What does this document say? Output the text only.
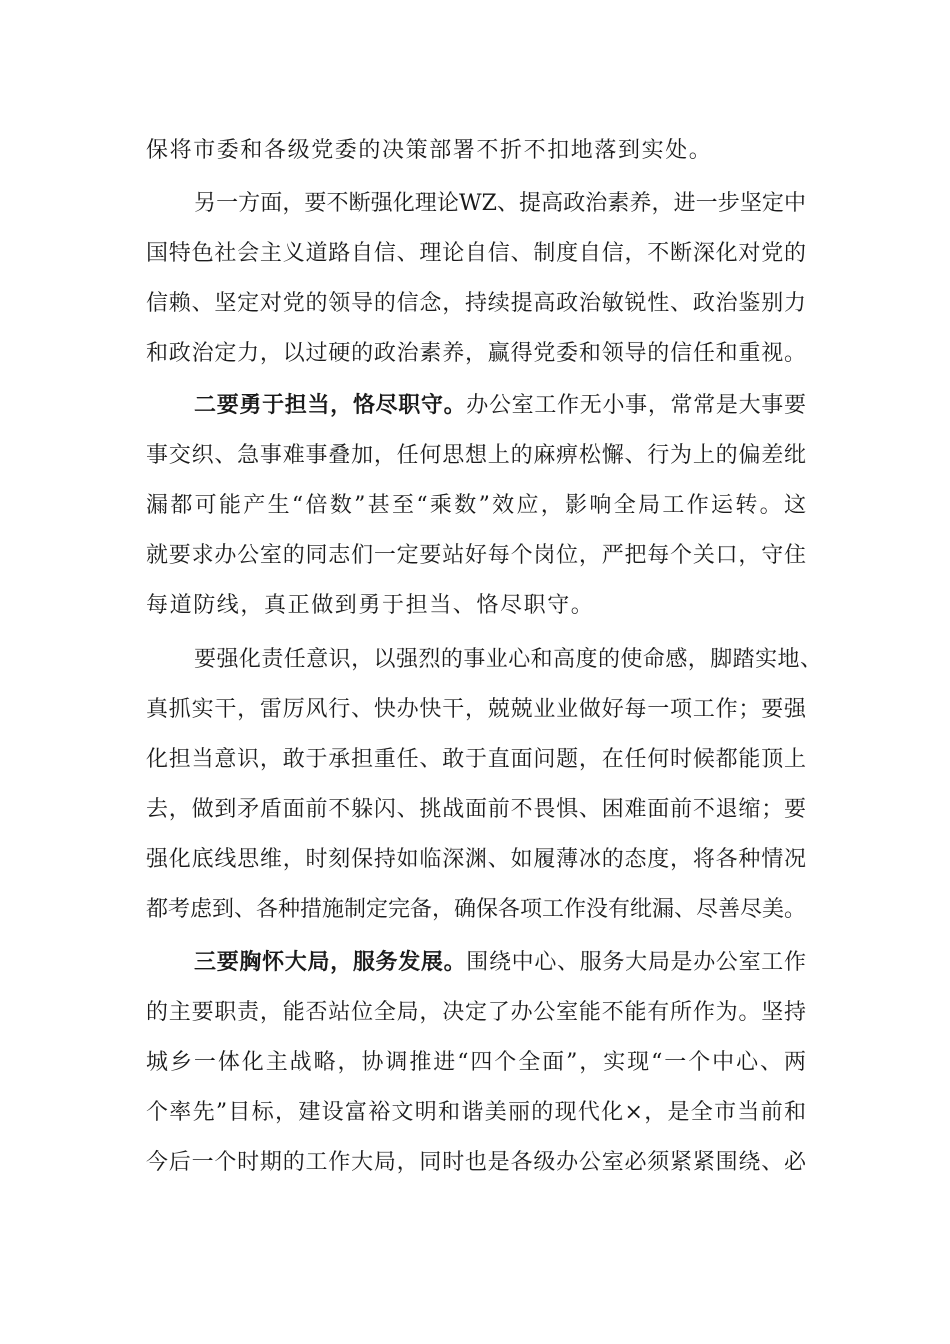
保将市委和各级党委的决策部署不折不扣地落到实处。
另一方面，要不断强化理论WZ、提高政治素养，进一步坚定中
国特色社会主义道路自信、理论自信、制度自信，不断深化对党的
信赖、坚定对党的领导的信念，持续提高政治敏锐性、政治鉴别力
和政治定力，以过硬的政治素养，赢得党委和领导的信任和重视。
二要勇于担当，恪尽职守。办公室工作无小事，常常是大事要
事交织、急事难事叠加，任何思想上的麻痹松懈、行为上的偏差纰
漏都可能产生“倍数”甚至“乘数”效应，影响全局工作运转。这
就要求办公室的同志们一定要站好每个岗位，严把每个关口，守住
每道防线，真正做到勇于担当、恪尽职守。
要强化责任意识，以强烈的事业心和高度的使命感，脚踏实地、
真抓实干，雷厉风行、快办快干，兢兢业业做好每一项工作；要强
化担当意识，敢于承担重任、敢于直面问题，在任何时候都能顶上
去，做到矛盾面前不躲闪、挑战面前不畏惧、困难面前不退缩；要
强化底线思维，时刻保持如临深渊、如履薄冰的态度，将各种情况
都考虑到、各种措施制定完备，确保各项工作没有纰漏、尽善尽美。
三要胸怀大局，服务发展。围绕中心、服务大局是办公室工作
的主要职责，能否站位全局，决定了办公室能不能有所作为。坚持
城乡一体化主战略，协调推进“四个全面”，实现“一个中心、两
个率先”目标，建设富裕文明和谐美丽的现代化×，是全市当前和
今后一个时期的工作大局，同时也是各级办公室必须紧紧围绕、必
